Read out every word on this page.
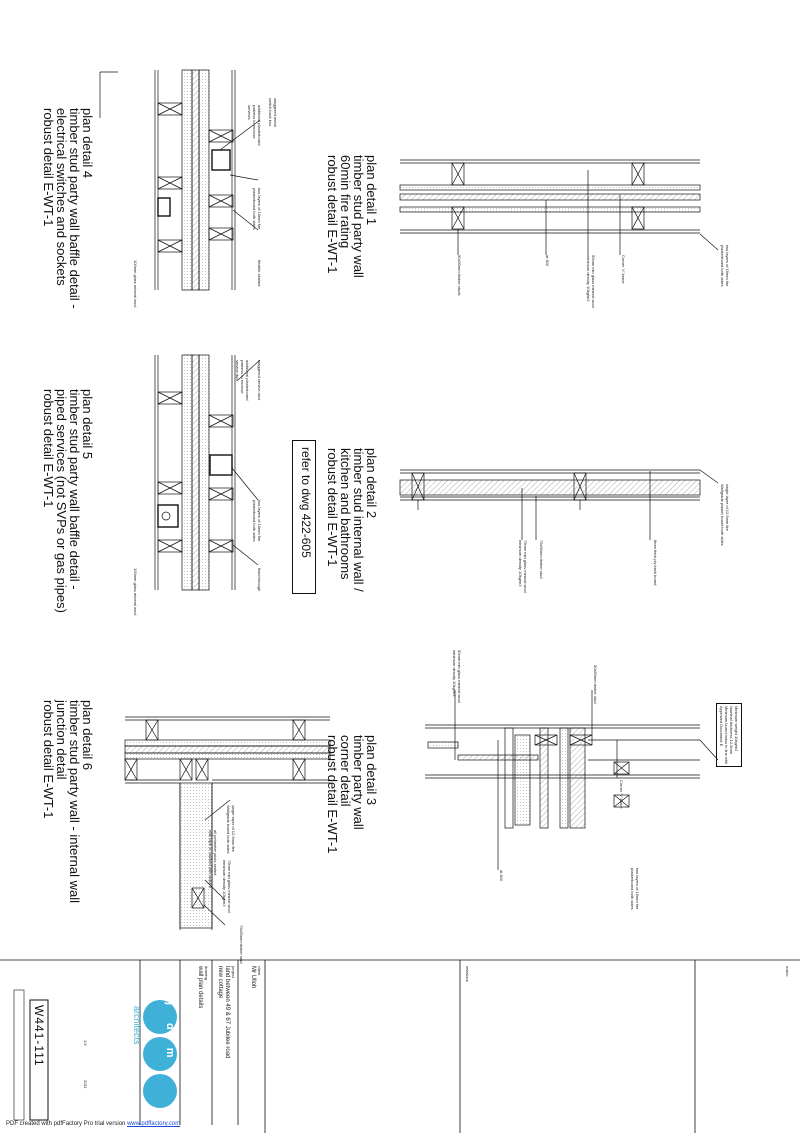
plan detail 1
timber stud party wall
60min fire rating
robust detail E-WT-1
plan detail 2
timber stud internal wall /
kitchen and bathrooms
robust detail E-WT-1
plan detail 3
timber party wall
corner detail
robust detail E-WT-1
plan detail 4
timber stud party wall baffle detail -
electrical switches and sockets
robust detail E-WT-1
plan detail 5
timber stud party wall baffle detail -
piped services (not SVPs or gas pipes)
robust detail E-WT-1
plan detail 6
timber stud party wall - internal wall
junction detail
robust detail E-WT-1
refer to dwg 422-605
two layers of 15mm fire
plasterboard both sides
Corner 'V' brace
50mm min glass mineral wool
minimum density 10kg/m3
at 600
50x50mm timber studs
single layer of 12.5mm fire
Wallgrade plaster board both sides
8mm thick ply back board
75x50mm timber stud
75mm min glass mineral wool
minimum density 10kg/m3
Minimum weight 10kg/m2
Nominal thickness 12.5mm
Minimum board mass in line with
Approved Document E
50x50mm timber stud
Corner 'V' brace
at 600	two layers of 15mm fire
plasterboard both sides
50mm min glass mineral wool
minimum density 10kg/m3
staggered metal
switch back box
additional plasterboard
pattress to enclose
services
two layers of 15mm fire
plasterboard both sides
flexible sealant
100mm glass mineral wool
staggered service duct
additional plasterboard
pattress to enclose
service duct
two layers of 15mm fire
plasterboard both sides
fixed through
100mm glass mineral wool
single layer of 12.5mm fire
Wallgrade board both sides
all perimeter joints sealed
with tape or caulked with sealant	75mm min glass mineral wool
minimum density 10kg/m3
75x50mm timber stud
notes:
revisions
client
Mr Ulloh
project
land between 49 & 67 Jubilee road
new cottage
drawing
wall plan details
jdm
architects
1:5
2011
W441-111
PDF created with pdfFactory Pro trial version www.pdffactory.com
